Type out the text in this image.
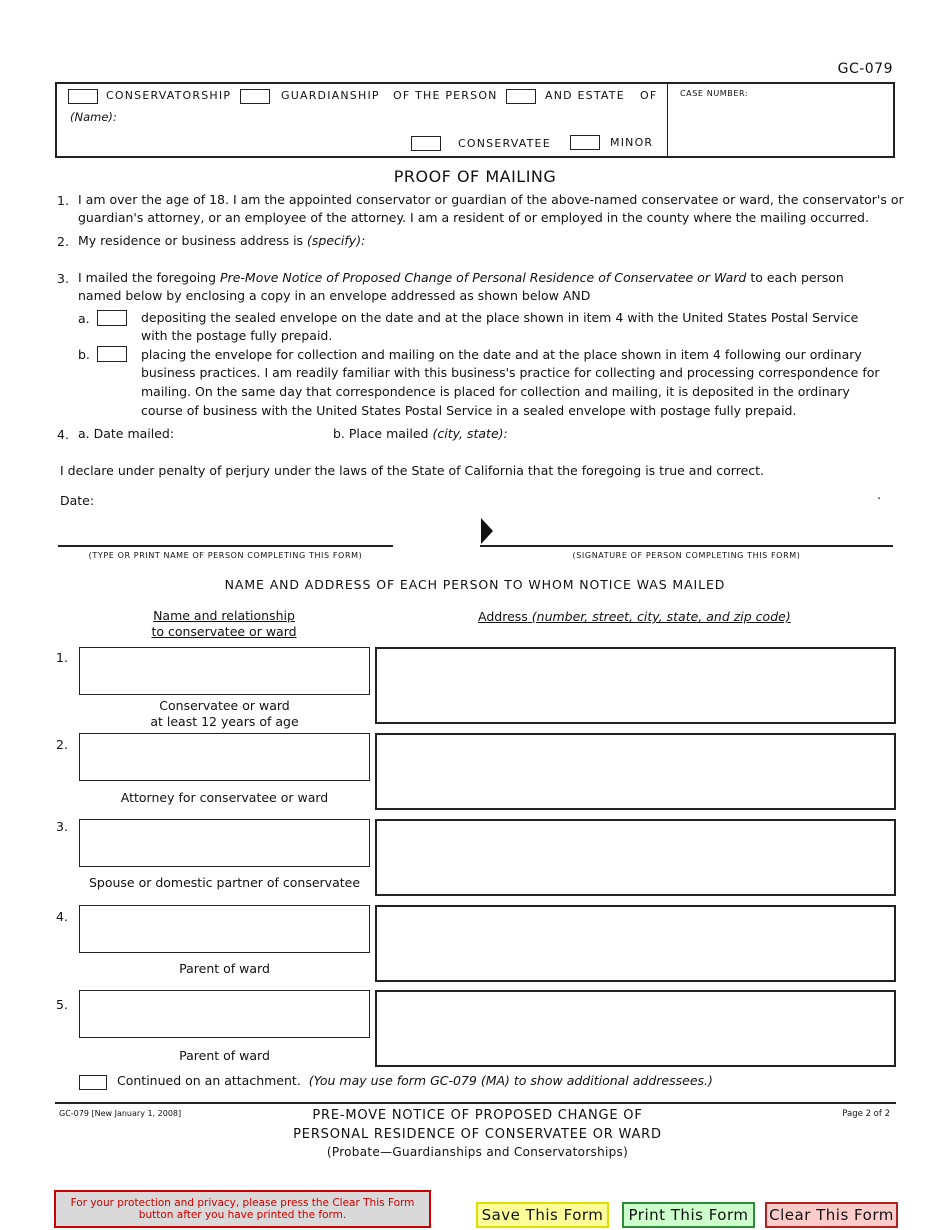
GC-079
CONSERVATORSHIP	GUARDIANSHIP OF THE PERSON	AND ESTATE OF
(Name):
CONSERVATEE	MINOR
CASE NUMBER:
PROOF OF MAILING
1. I am over the age of 18. I am the appointed conservator or guardian of the above-named conservatee or ward, the conservator's or
guardian's attorney, or an employee of the attorney. I am a resident of or employed in the county where the mailing occurred.
2. My residence or business address is (specify):
3. I mailed the foregoing Pre-Move Notice of Proposed Change of Personal Residence of Conservatee or Ward to each person
named below by enclosing a copy in an envelope addressed as shown below AND
a.	depositing the sealed envelope on the date and at the place shown in item 4 with the United States Postal Service
with the postage fully prepaid.
b.	placing the envelope for collection and mailing on the date and at the place shown in item 4 following our ordinary
business practices. I am readily familiar with this business's practice for collecting and processing correspondence for
mailing. On the same day that correspondence is placed for collection and mailing, it is deposited in the ordinary
course of business with the United States Postal Service in a sealed envelope with postage fully prepaid.
4. a. Date mailed:	b. Place mailed (city, state):
I declare under penalty of perjury under the laws of the State of California that the foregoing is true and correct.
Date:	.
(TYPE OR PRINT NAME OF PERSON COMPLETING THIS FORM)	(SIGNATURE OF PERSON COMPLETING THIS FORM)
NAME AND ADDRESS OF EACH PERSON TO WHOM NOTICE WAS MAILED
Name and relationship
to conservatee or ward
Address (number, street, city, state, and zip code)
1.
Conservatee or ward
at least 12 years of age
2.
Attorney for conservatee or ward
3.
Spouse or domestic partner of conservatee
4.
Parent of ward
5.
Parent of ward
Continued on an attachment. (You may use form GC-079 (MA) to show additional addressees.)
GC-079 [New January 1, 2008]	Page 2 of 2
PRE-MOVE NOTICE OF PROPOSED CHANGE OF
PERSONAL RESIDENCE OF CONSERVATEE OR WARD
(Probate—Guardianships and Conservatorships)
For your protection and privacy, please press the Clear This Form button after you have printed the form.	Save This Form	Print This Form	Clear This Form
